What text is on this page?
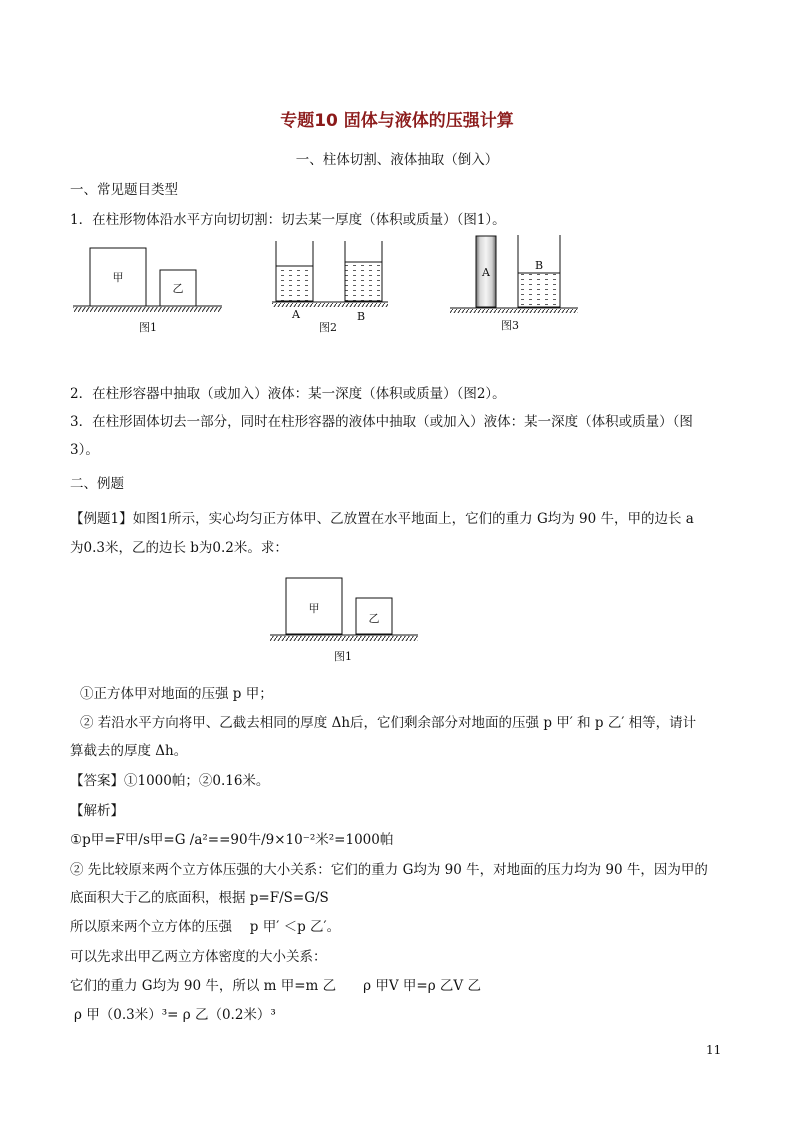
专题10 固体与液体的压强计算
一、柱体切割、液体抽取（倒入）
一、常见题目类型
1．在柱形物体沿水平方向切切割：切去某一厚度（体积或质量）（图1）。
甲
乙
图1
A	B
图2
A
B
图3
2．在柱形容器中抽取（或加入）液体：某一深度（体积或质量）（图2）。
3．在柱形固体切去一部分，同时在柱形容器的液体中抽取（或加入）液体：某一深度（体积或质量）（图
3）。
二、例题
【例题1】如图1所示，实心均匀正方体甲、乙放置在水平地面上，它们的重力 G均为 90 牛，甲的边长 a
为0.3米，乙的边长 b为0.2米。求：
甲
乙
图1
①正方体甲对地面的压强 p 甲；
② 若沿水平方向将甲、乙截去相同的厚度 Δh后，它们剩余部分对地面的压强 p 甲′ 和 p 乙′ 相等，请计
算截去的厚度 Δh。
【答案】①1000帕；②0.16米。
【解析】
①p甲=F甲/s甲=G /a²==90牛/9×10⁻²米²=1000帕
② 先比较原来两个立方体压强的大小关系：它们的重力 G均为 90 牛，对地面的压力均为 90 牛，因为甲的
底面积大于乙的底面积，根据 p=F/S=G/S
所以原来两个立方体的压强　 p 甲′ ＜p 乙′。
可以先求出甲乙两立方体密度的大小关系：
它们的重力 G均为 90 牛，所以 m 甲=m 乙　　ρ 甲V 甲=ρ 乙V 乙
ρ 甲（0.3米）³= ρ 乙（0.2米）³
11
